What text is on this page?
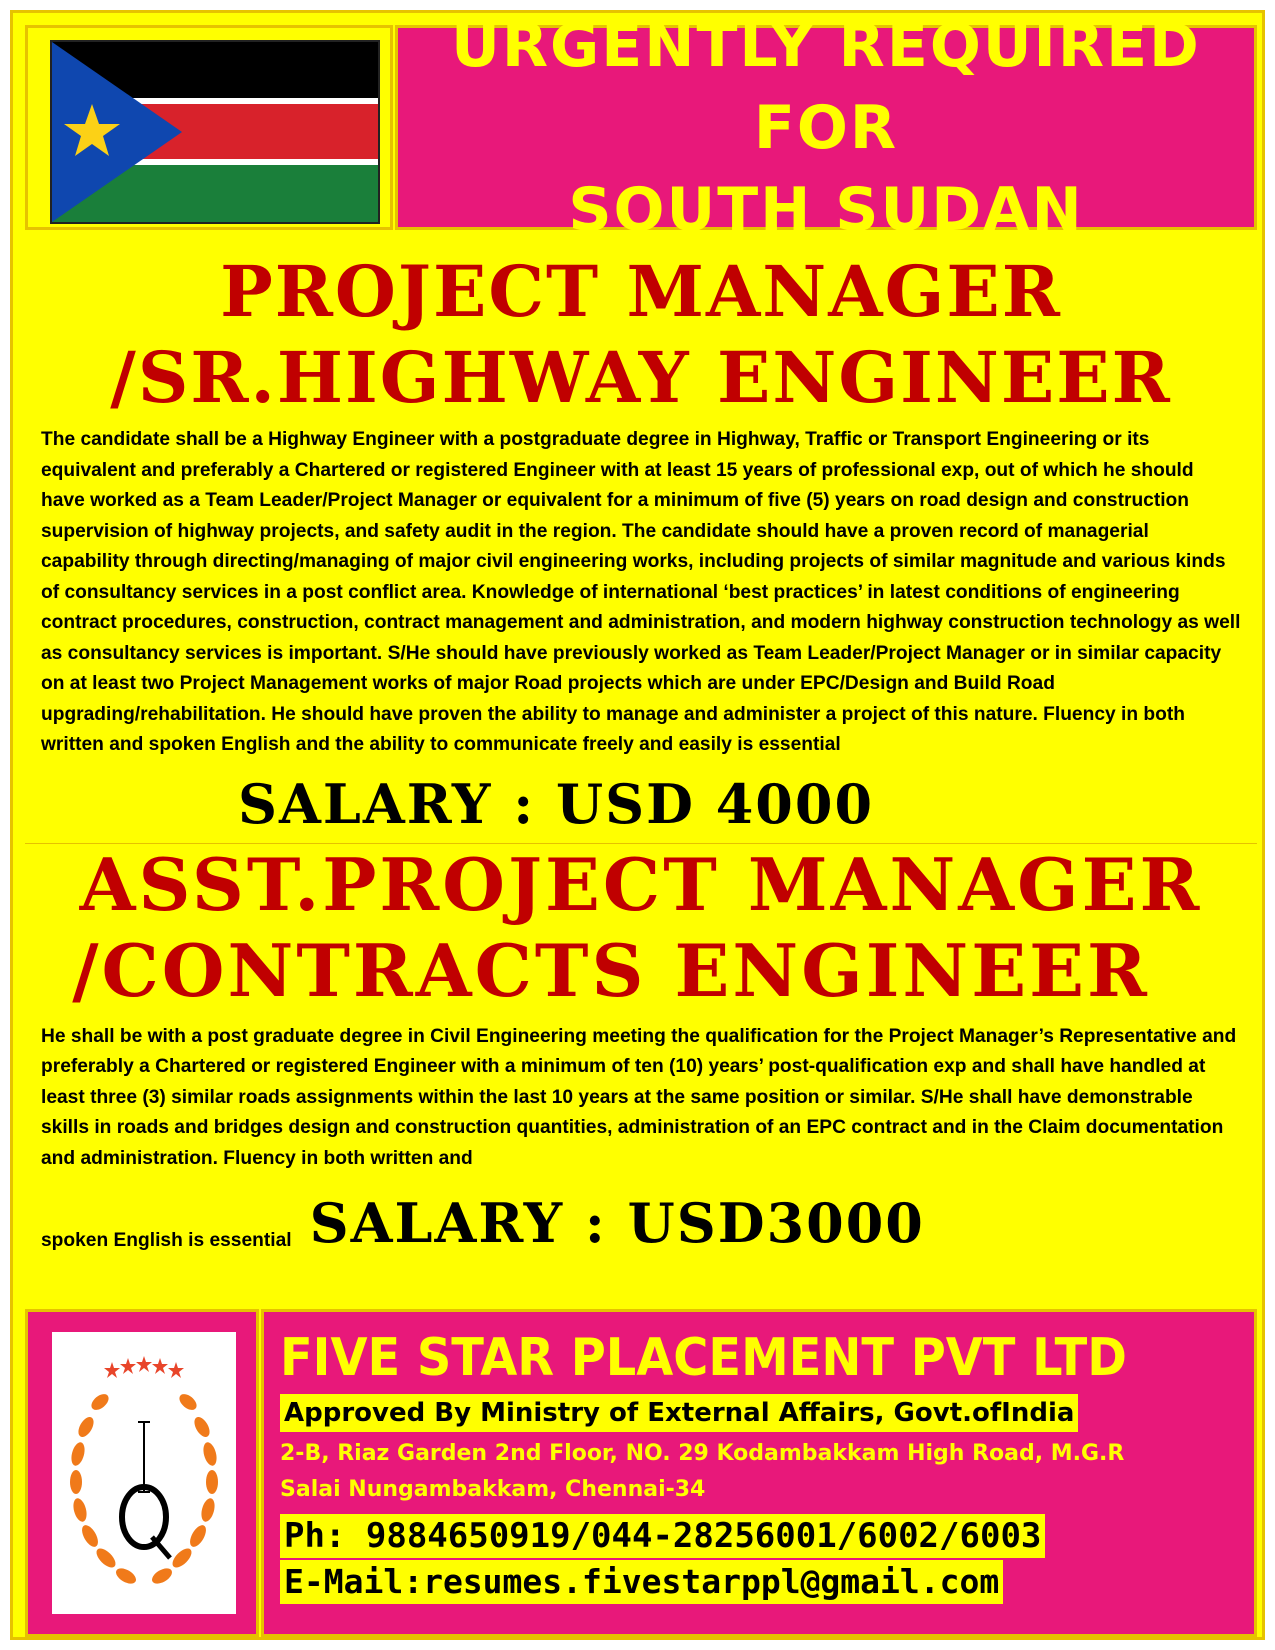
URGENTLY REQUIRED FOR
SOUTH SUDAN
PROJECT MANAGER
/SR.HIGHWAY ENGINEER

The candidate shall be a Highway Engineer with a postgraduate degree in Highway, Traffic or Transport Engineering or its equivalent and preferably a Chartered or registered Engineer with at least 15 years of professional exp, out of which he should have worked as a Team Leader/Project Manager or equivalent for a minimum of five (5) years on road design and construction supervision of highway projects, and safety audit in the region. The candidate should have a proven record of managerial capability through directing/managing of major civil engineering works, including projects of similar magnitude and various kinds of consultancy services in a post conflict area. Knowledge of international ‘best practices’ in latest conditions of engineering contract procedures, construction, contract management and administration, and modern highway construction technology as well as consultancy services is important. S/He should have previously worked as Team Leader/Project Manager or in similar capacity on at least two Project Management works of major Road projects which are under EPC/Design and Build Road upgrading/rehabilitation. He should have proven the ability to manage and administer a project of this nature. Fluency in both written and spoken English and the ability to communicate freely and easily is essential

SALARY : USD 4000
ASST.PROJECT MANAGER
/CONTRACTS ENGINEER

He shall be with a post graduate degree in Civil Engineering meeting the qualification for the Project Manager’s Representative and preferably a Chartered or registered Engineer with a minimum of ten (10) years’ post-qualification exp and shall have handled at least three (3) similar roads assignments within the last 10 years at the same position or similar. S/He shall have demonstrable skills in roads and bridges design and construction quantities, administration of an EPC contract and in the Claim documentation and administration. Fluency in both written and

spoken English is essential SALARY : USD3000
FIVE STAR PLACEMENT PVT LTD
Approved By Ministry of External Affairs, Govt.ofIndia
2-B, Riaz Garden 2nd Floor, NO. 29 Kodambakkam High Road, M.G.R
Salai Nungambakkam, Chennai-34
Ph: 9884650919/044-28256001/6002/6003
E-Mail:resumes.fivestarppl@gmail.com
